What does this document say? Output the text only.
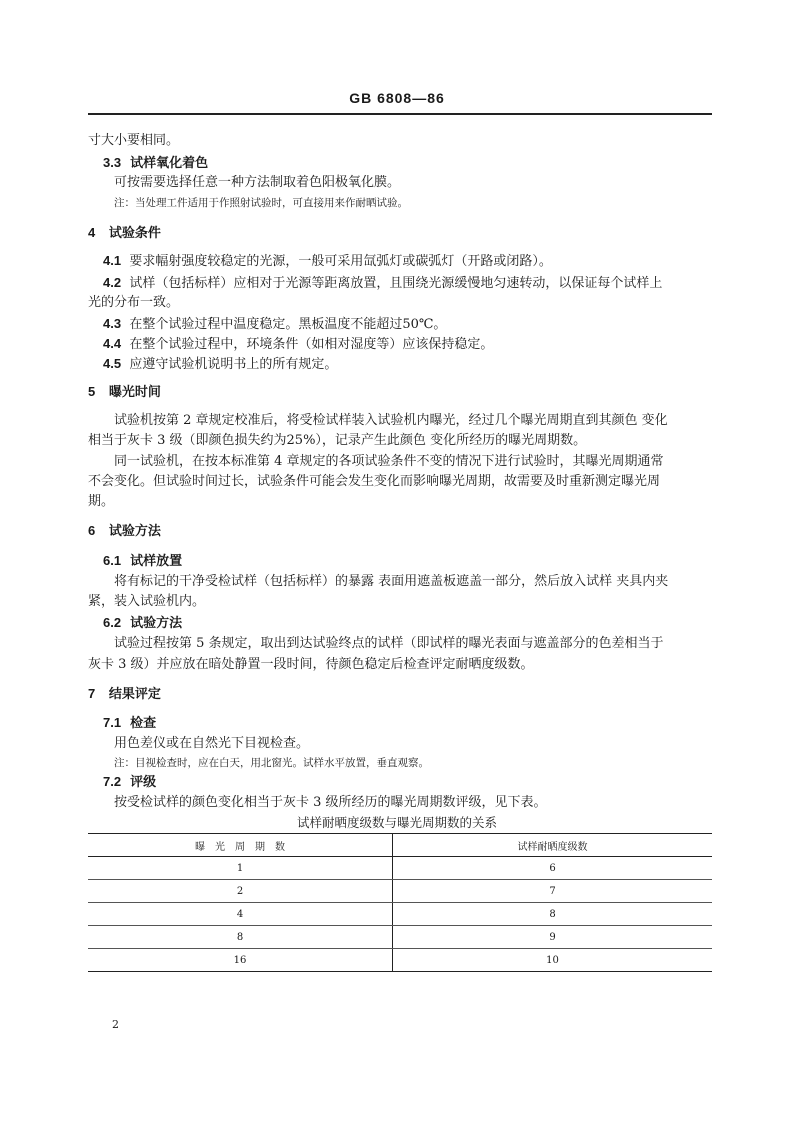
GB 6808—86
寸大小要相同。
3.3 试样氧化着色
可按需要选择任意一种方法制取着色阳极氧化膜。
注：当处理工件适用于作照射试验时，可直接用来作耐晒试验。
4 试验条件
4.1 要求幅射强度较稳定的光源，一般可采用氙弧灯或碳弧灯（开路或闭路）。
4.2 试样（包括标样）应相对于光源等距离放置，且围绕光源缓慢地匀速转动，以保证每个试样上
光的分布一致。
4.3 在整个试验过程中温度稳定。黑板温度不能超过50℃。
4.4 在整个试验过程中，环境条件（如相对湿度等）应该保持稳定。
4.5 应遵守试验机说明书上的所有规定。
5 曝光时间
试验机按第 2 章规定校准后，将受检试样装入试验机内曝光，经过几个曝光周期直到其颜色 变化
相当于灰卡 3 级（即颜色损失约为25%），记录产生此颜色 变化所经历的曝光周期数。
同一试验机，在按本标准第 4 章规定的各项试验条件不变的情况下进行试验时，其曝光周期通常
不会变化。但试验时间过长，试验条件可能会发生变化而影响曝光周期，故需要及时重新测定曝光周
期。
6 试验方法
6.1 试样放置
将有标记的干净受检试样（包括标样）的暴露 表面用遮盖板遮盖一部分，然后放入试样 夹具内夹
紧，装入试验机内。
6.2 试验方法
试验过程按第 5 条规定，取出到达试验终点的试样（即试样的曝光表面与遮盖部分的色差相当于
灰卡 3 级）并应放在暗处静置一段时间，待颜色稳定后检查评定耐晒度级数。
7 结果评定
7.1 检查
用色差仪或在自然光下目视检查。
注：目视检查时，应在白天，用北窗光。试样水平放置，垂直观察。
7.2 评级
按受检试样的颜色变化相当于灰卡 3 级所经历的曝光周期数评级，见下表。
试样耐晒度级数与曝光周期数的关系
曝　光　周　期　数	试样耐晒度级数
1	6
2	7
4	8
8	9
16	10
2
